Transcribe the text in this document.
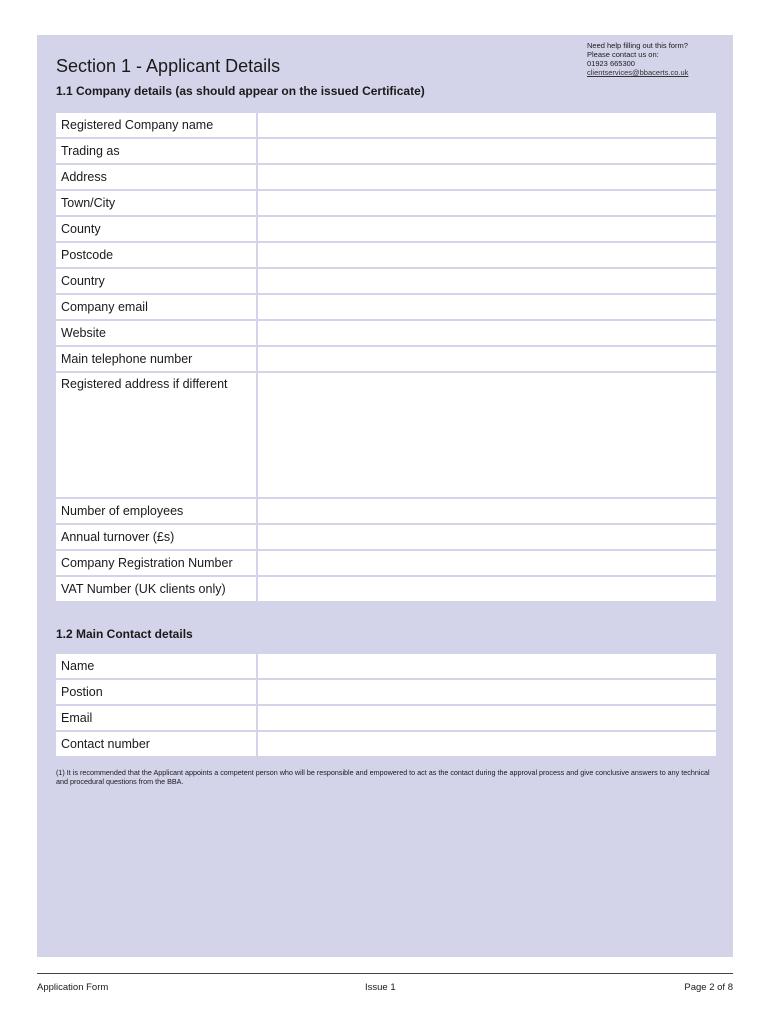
Section 1 - Applicant Details
1.1 Company details (as should appear on the issued Certificate)
Need help filling out this form?
Please contact us on:
01923 665300
clientservices@bbacerts.co.uk
Registered Company name	
Trading as	
Address	
Town/City	
County	
Postcode	
Country	
Company email	
Website	
Main telephone number	
Registered address if different	
Number of employees	
Annual turnover (£s)	
Company Registration Number	
VAT Number (UK clients only)	
1.2 Main Contact details
Name	
Postion	
Email	
Contact number	
(1) It is recommended that the Applicant appoints a competent person who will be responsible and empowered to act as the contact during the approval process and give conclusive answers to any technical and procedural questions from the BBA.
Application Form	Issue 1	Page 2 of 8
